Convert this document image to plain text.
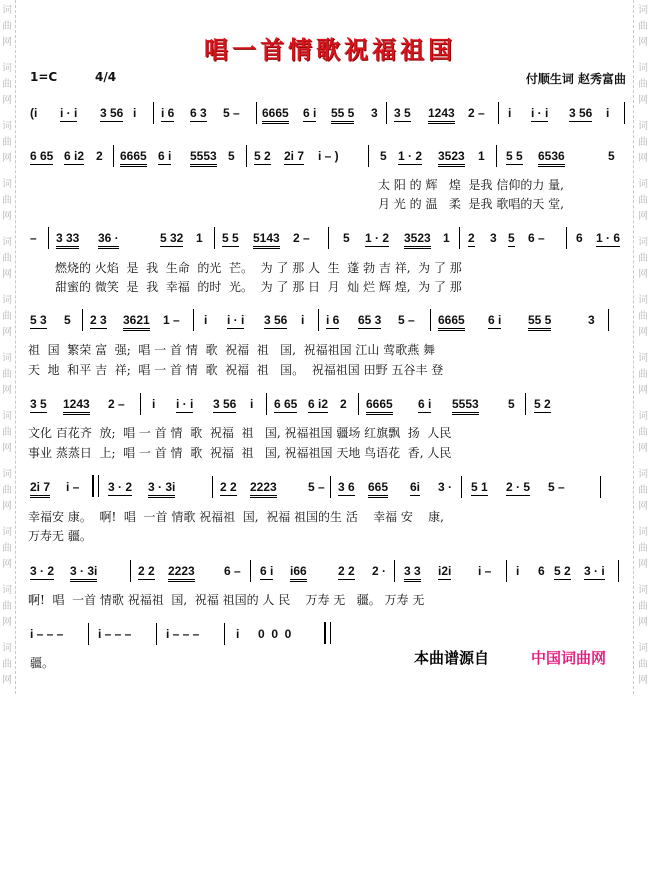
词
曲
网
词
曲
网
词
曲
网
词
曲
网
词
曲
网
词
曲
网
词
曲
网
词
曲
网
词
曲
网
词
曲
网
词
曲
网
词
曲
网
词
曲
网
词
曲
网
词
曲
网
词
曲
网
词
曲
网
词
曲
网
词
曲
网
词
曲
网
词
曲
网
词
曲
网
词
曲
网
词
曲
网
唱一首情歌祝福祖国
1=C	4/4	付顺生词 赵秀富曲

(i

i · i

3 56

i

i 6

6 3

5 –

6665

6 i

55 5

3

3 5

1243

2 –

i

i · i

3 56

i

6 65

6 i2

2

6665

6 i

5553

5

5 2

2i 7

i – )

	5

1 · 2

3523

1

5 5

6536

	5

太 阳 的 辉   煌  是我 信仰的力 量,
月 光 的 温   柔  是我 歌唱的天 堂,

–

3 33

36 ·

	5 32

1

5 5

5143

2 –

	5

1 · 2

3523

1

2

3

5

6 –

	6

1 · 6

燃烧的 火焰  是  我  生命  的光  芒。  为 了 那 人  生  蓬 勃 吉 祥,  为 了 那
甜蜜的 微笑  是  我  幸福  的时  光。  为 了 那 日  月  灿 烂 辉 煌,  为 了 那

5 3

5

2 3

3621

1 –

i

i · i

3 56

i

i 6

65 3

5 –

6665

6 i

55 5

	3

祖  国  繁荣 富  强;  唱 一 首 情  歌  祝福  祖   国,  祝福祖国 江山 莺歌燕 舞
天  地  和平 吉  祥;  唱 一 首 情  歌  祝福  祖   国。  祝福祖国 田野 五谷丰 登

3 5

1243

2 –

i

i · i

3 56

i

6 65

6 i2

2

6665

6 i

5553

5

5 2

文化 百花齐  放;  唱 一 首 情  歌  祝福  祖   国, 祝福祖国 疆场 红旗飘  扬  人民
事业 蒸蒸日  上;  唱 一 首 情  歌  祝福  祖   国, 祝福祖国 天地 鸟语花  香, 人民

2i 7

i –

3 · 2

3 · 3i

	2 2

2223

	5 –

3 6

665

6i

3 ·

5 1

2 · 5

5 –

幸福安 康。  啊!  唱  一首 情歌 祝福祖  国,  祝福 祖国的生 活    幸福 安    康,
万寿无 疆。

3 · 2

3 · 3i

	2 2

2223

6 –

6 i

i66

	2 2

2 ·

3 3

i2i

i –

i

6

5 2

3 · i

啊!  唱  一首 情歌 祝福祖  国,  祝福 祖国的 人 民    万寿 无   疆。 万寿 无

i – – –

	i – – –

	i – – –

	i

0  0  0

疆。	本曲谱源自	中国词曲网
